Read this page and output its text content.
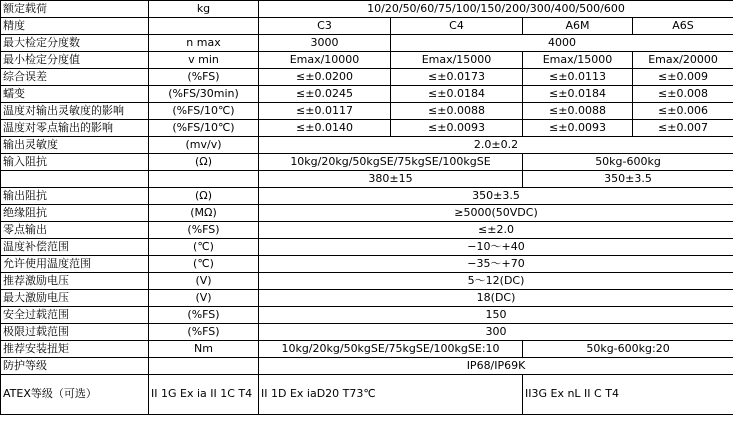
额定载荷	kg	10/20/50/60/75/100/150/200/300/400/500/600			
精度		C3	C4	A6M	A6S
最大检定分度数	n max	3000	4000		
最小检定分度值	v min	Emax/10000	Emax/15000	Emax/15000	Emax/20000
综合误差	(%FS)	≤±0.0200	≤±0.0173	≤±0.0113	≤±0.009
蠕变	(%FS/30min)	≤±0.0245	≤±0.0184	≤±0.0184	≤±0.008
温度对输出灵敏度的影响	(%FS/10℃)	≤±0.0117	≤±0.0088	≤±0.0088	≤±0.006
温度对零点输出的影响	(%FS/10℃)	≤±0.0140	≤±0.0093	≤±0.0093	≤±0.007
输出灵敏度	(mv/v)	2.0±0.2			
输入阻抗	(Ω)	10kg/20kg/50kgSE/75kgSE/100kgSE		50kg-600kg	
		380±15		350±3.5	
输出阻抗	(Ω)	350±3.5			
绝缘阻抗	(MΩ)	≥5000(50VDC)			
零点输出	(%FS)	≤±2.0			
温度补偿范围	(℃)	−10〜+40			
允许使用温度范围	(℃)	−35〜+70			
推荐激励电压	(V)	5〜12(DC)			
最大激励电压	(V)	18(DC)			
安全过载范围	(%FS)	150			
极限过载范围	(%FS)	300			
推荐安装扭矩	Nm	10kg/20kg/50kgSE/75kgSE/100kgSE:10		50kg-600kg:20	
防护等级		IP68/IP69K			
ATEX等级（可选）	II 1G Ex ia II 1C T4	II 1D Ex iaD20 T73℃		II3G Ex nL II C T4	
